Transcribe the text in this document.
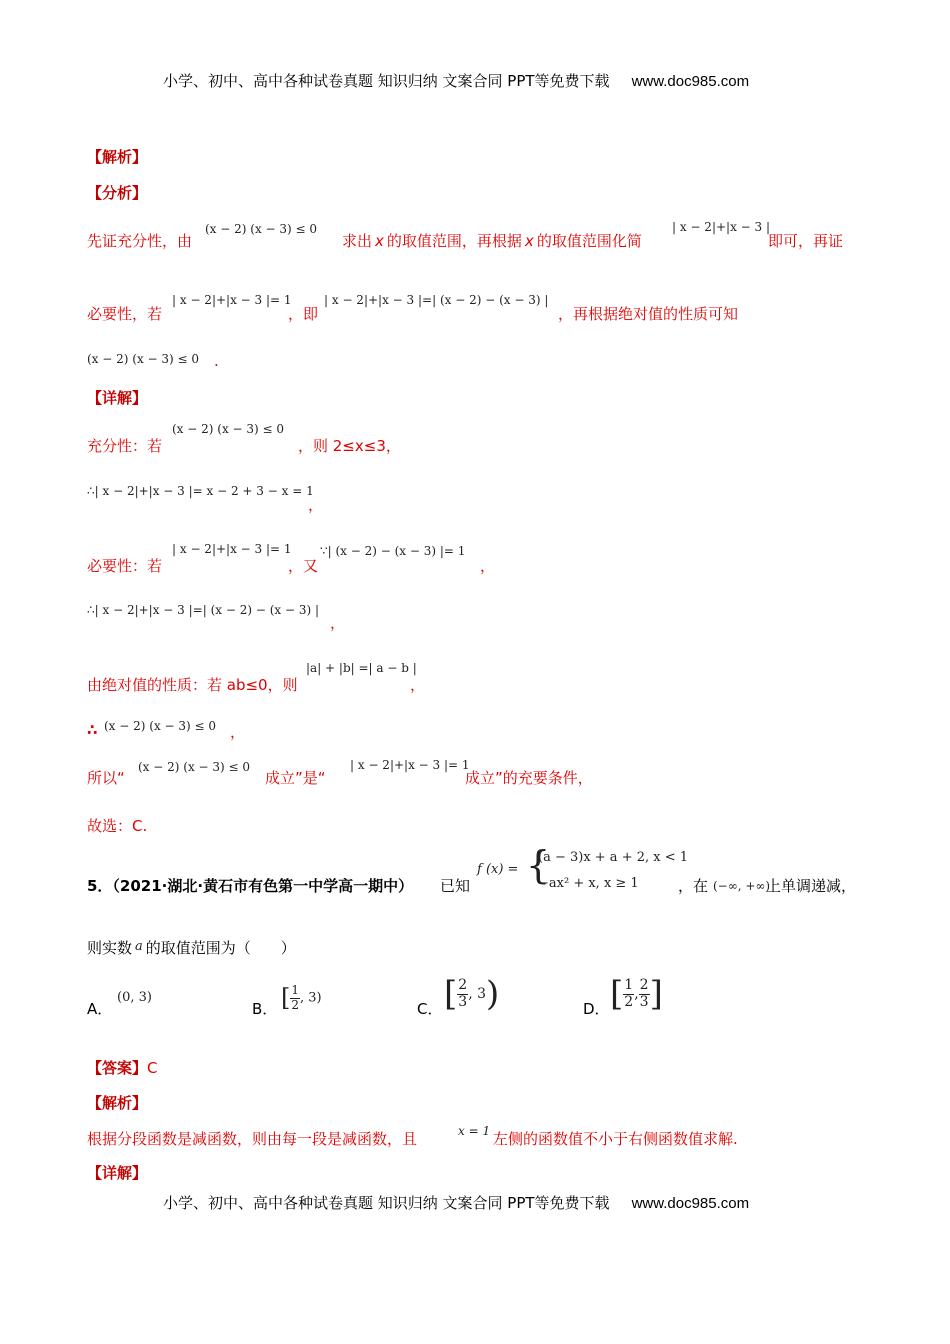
小学、初中、高中各种试卷真题 知识归纳 文案合同 PPT等免费下载 www.doc985.com
【解析】
【分析】
先证充分性，由
(x − 2) (x − 3) ≤ 0
求出 x 的取值范围，再根据 x 的取值范围化简
| x − 2|+|x − 3 |
即可，再证
必要性，若
| x − 2|+|x − 3 |= 1
，即
| x − 2|+|x − 3 |=| (x − 2) − (x − 3) |
，再根据绝对值的性质可知
(x − 2) (x − 3) ≤ 0 .
【详解】
充分性：若
(x − 2) (x − 3) ≤ 0
，则 2≤x≤3，
∴| x − 2|+|x − 3 |= x − 2 + 3 − x = 1
，
必要性：若
| x − 2|+|x − 3 |= 1
，又
∵| (x − 2) − (x − 3) |= 1
，
∴| x − 2|+|x − 3 |=| (x − 2) − (x − 3) |
，
由绝对值的性质：若 ab≤0，则
|a| + |b| =| a − b |
，
∴ (x − 2) (x − 3) ≤ 0 ，
所以“
(x − 2) (x − 3) ≤ 0
成立”是“
| x − 2|+|x − 3 |= 1
成立”的充要条件，
故选：C.
5．（2021·湖北·黄石市有色第一中学高一期中） 已知
f (x) = {
(a − 3)x + a + 2, x < 1
−ax² + x, x ≥ 1	，在 (−∞, +∞)
上单调递减，
则实数 a 的取值范围为（　　）
A．
(0, 3)
B． [ $\frac{1}{2}$ , 3)
C． [ $\frac{2}{3}$ , 3)	D． [ $\frac{1}{2}$ , $\frac{2}{3}$ ]
【答案】C
【解析】
根据分段函数是减函数，则由每一段是减函数，且	x = 1 左侧的函数值不小于右侧函数值求解.
【详解】
小学、初中、高中各种试卷真题 知识归纳 文案合同 PPT等免费下载 www.doc985.com
